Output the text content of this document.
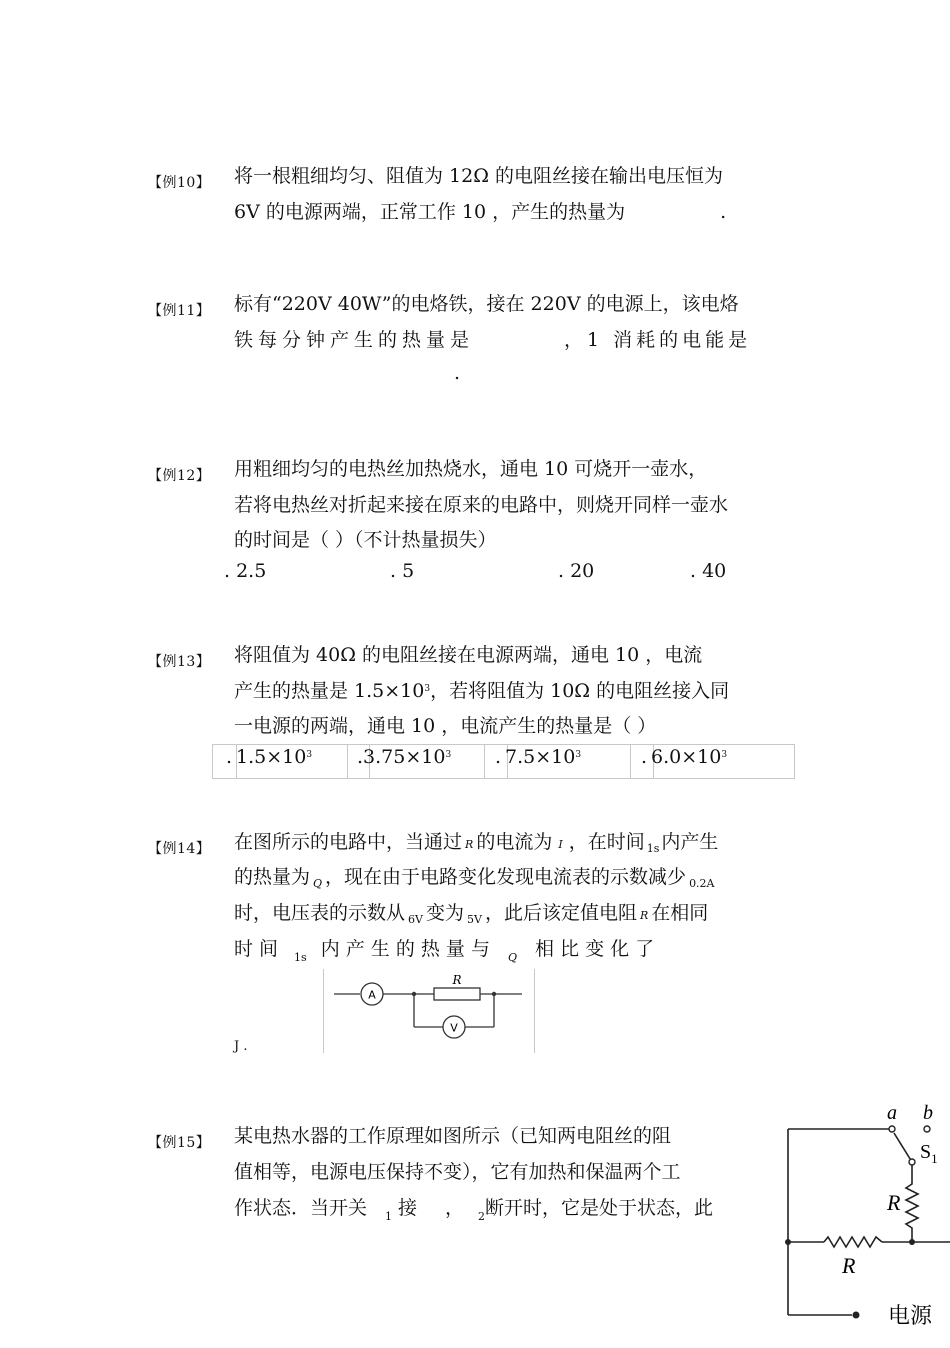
【例10】 将一根粗细均匀、阻值为 12Ω 的电阻丝接在输出电压恒为
6V 的电源两端，正常工作 10 ，产生的热量为	.
【例11】 标有“220V 40W”的电烙铁，接在 220V 的电源上，该电烙
铁每分钟产生的热量是	，1 消耗的电能是
.
【例12】 用粗细均匀的电热丝加热烧水，通电 10 可烧开一壶水，
若将电热丝对折起来接在原来的电路中，则烧开同样一壶水
的时间是（ ）（不计热量损失）
. 2.5	. 5	. 20	. 40
【例13】 将阻值为 40Ω 的电阻丝接在电源两端，通电 10 ，电流
产生的热量是 $1.5\times 10^3$，若将阻值为 10Ω 的电阻丝接入同
一电源的两端，通电 10 ，电流产生的热量是（ ）
. $1.5\times 10^3$ $.3.75\times 10^3$ . $7.5\times 10^3$	. $6.0\times 10^3$
【例14】 在图所示的电路中，当通过 R 的电流为 I ，在时间 $_{1s}$ 内产生
的热量为 $_Q$ ，现在由于电路变化发现电流表的示数减少 $_{0.2A}$
时，电压表的示数从 $_{6V}$ 变为 $_{5V}$ ，此后该定值电阻 R 在相同
时 间 $_{1s}$ 内 产 生 的 热 量 与 $_Q$ 相 比 变 化 了
J .
A
R
V
【例15】 某电热水器的工作原理如图所示（已知两电阻丝的阻
值相等，电源电压保持不变），它有加热和保温两个工
作状态．当开关 $_1$ 接 ， $_2$断开时，它是处于状态，此
a b
$S_1$
R
R
电源
